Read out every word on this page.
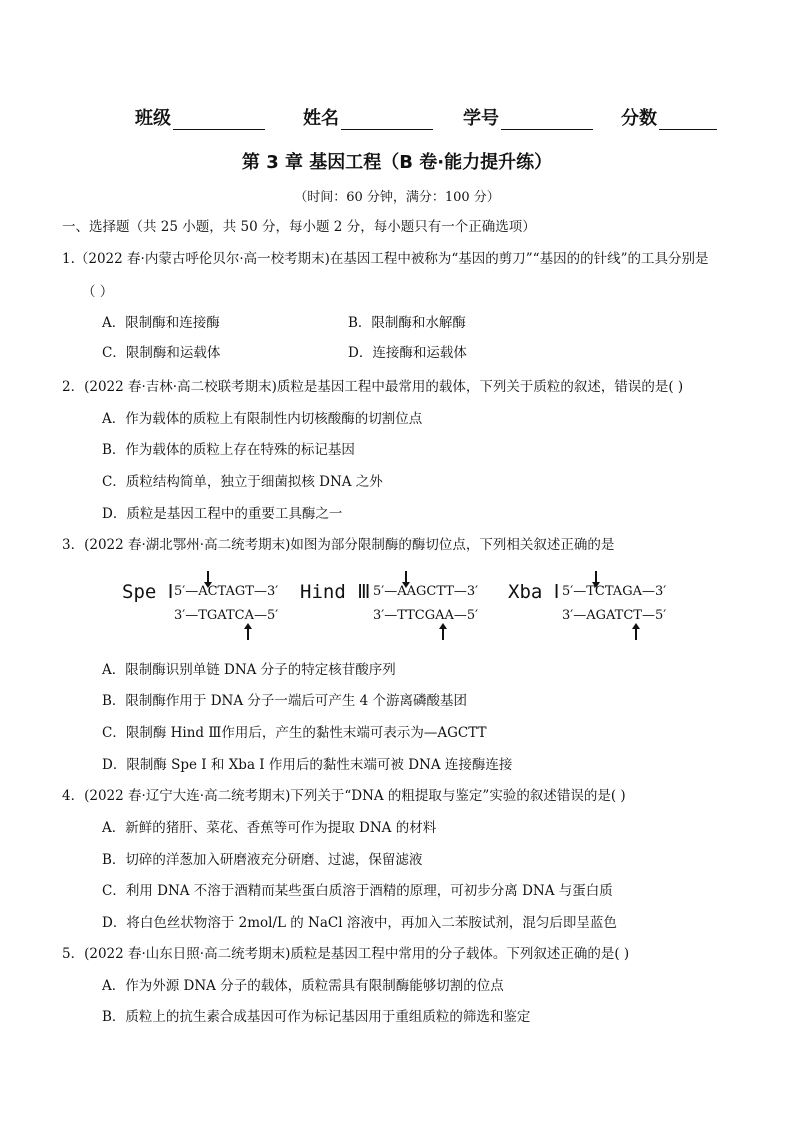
班级	姓名	学号	分数
第 3 章 基因工程（B 卷·能力提升练）
（时间：60 分钟，满分：100 分）
一、选择题（共 25 小题，共 50 分，每小题 2 分，每小题只有一个正确选项）
1.（2022 春·内蒙古呼伦贝尔·高一校考期末)在基因工程中被称为“基因的剪刀”“基因的的针线”的工具分别是
（ ）
A．限制酶和连接酶	B．限制酶和水解酶
C．限制酶和运载体	D．连接酶和运载体
2．(2022 春·吉林·高二校联考期末)质粒是基因工程中最常用的载体，下列关于质粒的叙述，错误的是( )
A．作为载体的质粒上有限制性内切核酸酶的切割位点
B．作为载体的质粒上存在特殊的标记基因
C．质粒结构简单，独立于细菌拟核 DNA 之外
D．质粒是基因工程中的重要工具酶之一
3．(2022 春·湖北鄂州·高二统考期末)如图为部分限制酶的酶切位点，下列相关叙述正确的是
Spe Ⅰ 5′—ACTAGT—3′
3′—TGATCA—5′
Hind Ⅲ 5′—AAGCTT—3′
3′—TTCGAA—5′
Xba Ⅰ 5′—TCTAGA—3′
3′—AGATCT—5′
A．限制酶识别单链 DNA 分子的特定核苷酸序列
B．限制酶作用于 DNA 分子一端后可产生 4 个游离磷酸基团
C．限制酶 Hind Ⅲ作用后，产生的黏性末端可表示为—AGCTT
D．限制酶 Spe I 和 Xba I 作用后的黏性末端可被 DNA 连接酶连接
4．(2022 春·辽宁大连·高二统考期末)下列关于“DNA 的粗提取与鉴定”实验的叙述错误的是( )
A．新鲜的猪肝、菜花、香蕉等可作为提取 DNA 的材料
B．切碎的洋葱加入研磨液充分研磨、过滤，保留滤液
C．利用 DNA 不溶于酒精而某些蛋白质溶于酒精的原理，可初步分离 DNA 与蛋白质
D．将白色丝状物溶于 2mol/L 的 NaCl 溶液中，再加入二苯胺试剂，混匀后即呈蓝色
5．(2022 春·山东日照·高二统考期末)质粒是基因工程中常用的分子载体。下列叙述正确的是( )
A．作为外源 DNA 分子的载体，质粒需具有限制酶能够切割的位点
B．质粒上的抗生素合成基因可作为标记基因用于重组质粒的筛选和鉴定
